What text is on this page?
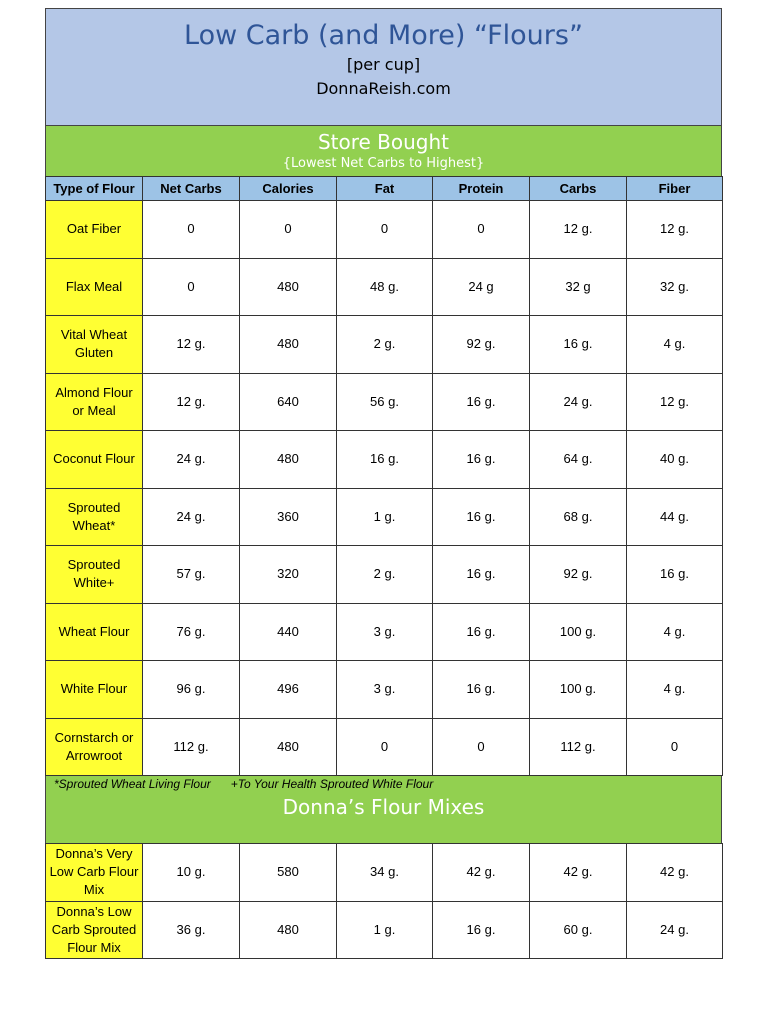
Low Carb (and More) “Flours”
[per cup]
DonnaReish.com
Store Bought
{Lowest Net Carbs to Highest}
Type of Flour	Net Carbs	Calories	Fat	Protein	Carbs	Fiber
Oat Fiber	0	0	0	0	12 g.	12 g.
Flax Meal	0	480	48 g.	24 g	32 g	32 g.
Vital Wheat Gluten	12 g.	480	2 g.	92 g.	16 g.	4 g.
Almond Flour or Meal	12 g.	640	56 g.	16 g.	24 g.	12 g.
Coconut Flour	24 g.	480	16 g.	16 g.	64 g.	40 g.
Sprouted Wheat*	24 g.	360	1 g.	16 g.	68 g.	44 g.
Sprouted White+	57 g.	320	2 g.	16 g.	92 g.	16 g.
Wheat Flour	76 g.	440	3 g.	16 g.	100 g.	4 g.
White Flour	96 g.	496	3 g.	16 g.	100 g.	4 g.
Cornstarch or Arrowroot	112 g.	480	0	0	112 g.	0
*Sprouted Wheat Living Flour +To Your Health Sprouted White Flour
Donna’s Flour Mixes
Donna’s Very Low Carb Flour Mix	10 g.	580	34 g.	42 g.	42 g.	42 g.
Donna’s Low Carb Sprouted Flour Mix	36 g.	480	1 g.	16 g.	60 g.	24 g.
